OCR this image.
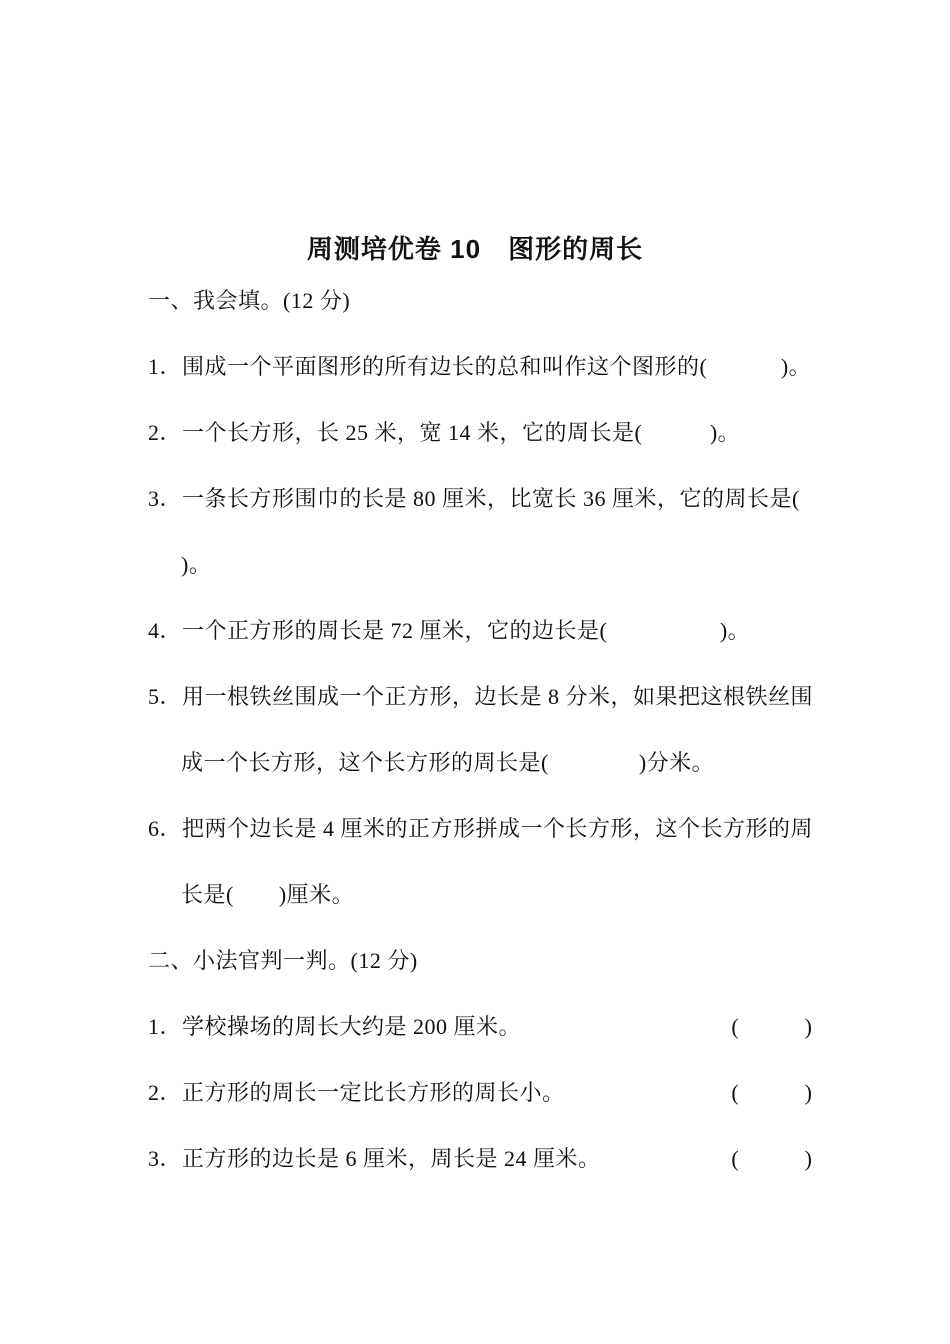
周测培优卷 10　图形的周长
一、我会填。(12 分)
1．围成一个平面图形的所有边长的总和叫作这个图形的(　　　 )。
2．一个长方形，长 25 米，宽 14 米，它的周长是(　　　)。
3．一条长方形围巾的长是 80 厘米，比宽长 36 厘米，它的周长是(
)。
4．一个正方形的周长是 72 厘米，它的边长是(　　　　　)。
5．用一根铁丝围成一个正方形，边长是 8 分米，如果把这根铁丝围
成一个长方形，这个长方形的周长是(　　　　)分米。
6．把两个边长是 4 厘米的正方形拼成一个长方形，这个长方形的周
长是(　　)厘米。
二、小法官判一判。(12 分)
1．学校操场的周长大约是 200 厘米。	(　　　)
2．正方形的周长一定比长方形的周长小。	(　　　)
3．正方形的边长是 6 厘米，周长是 24 厘米。	(　　　)
